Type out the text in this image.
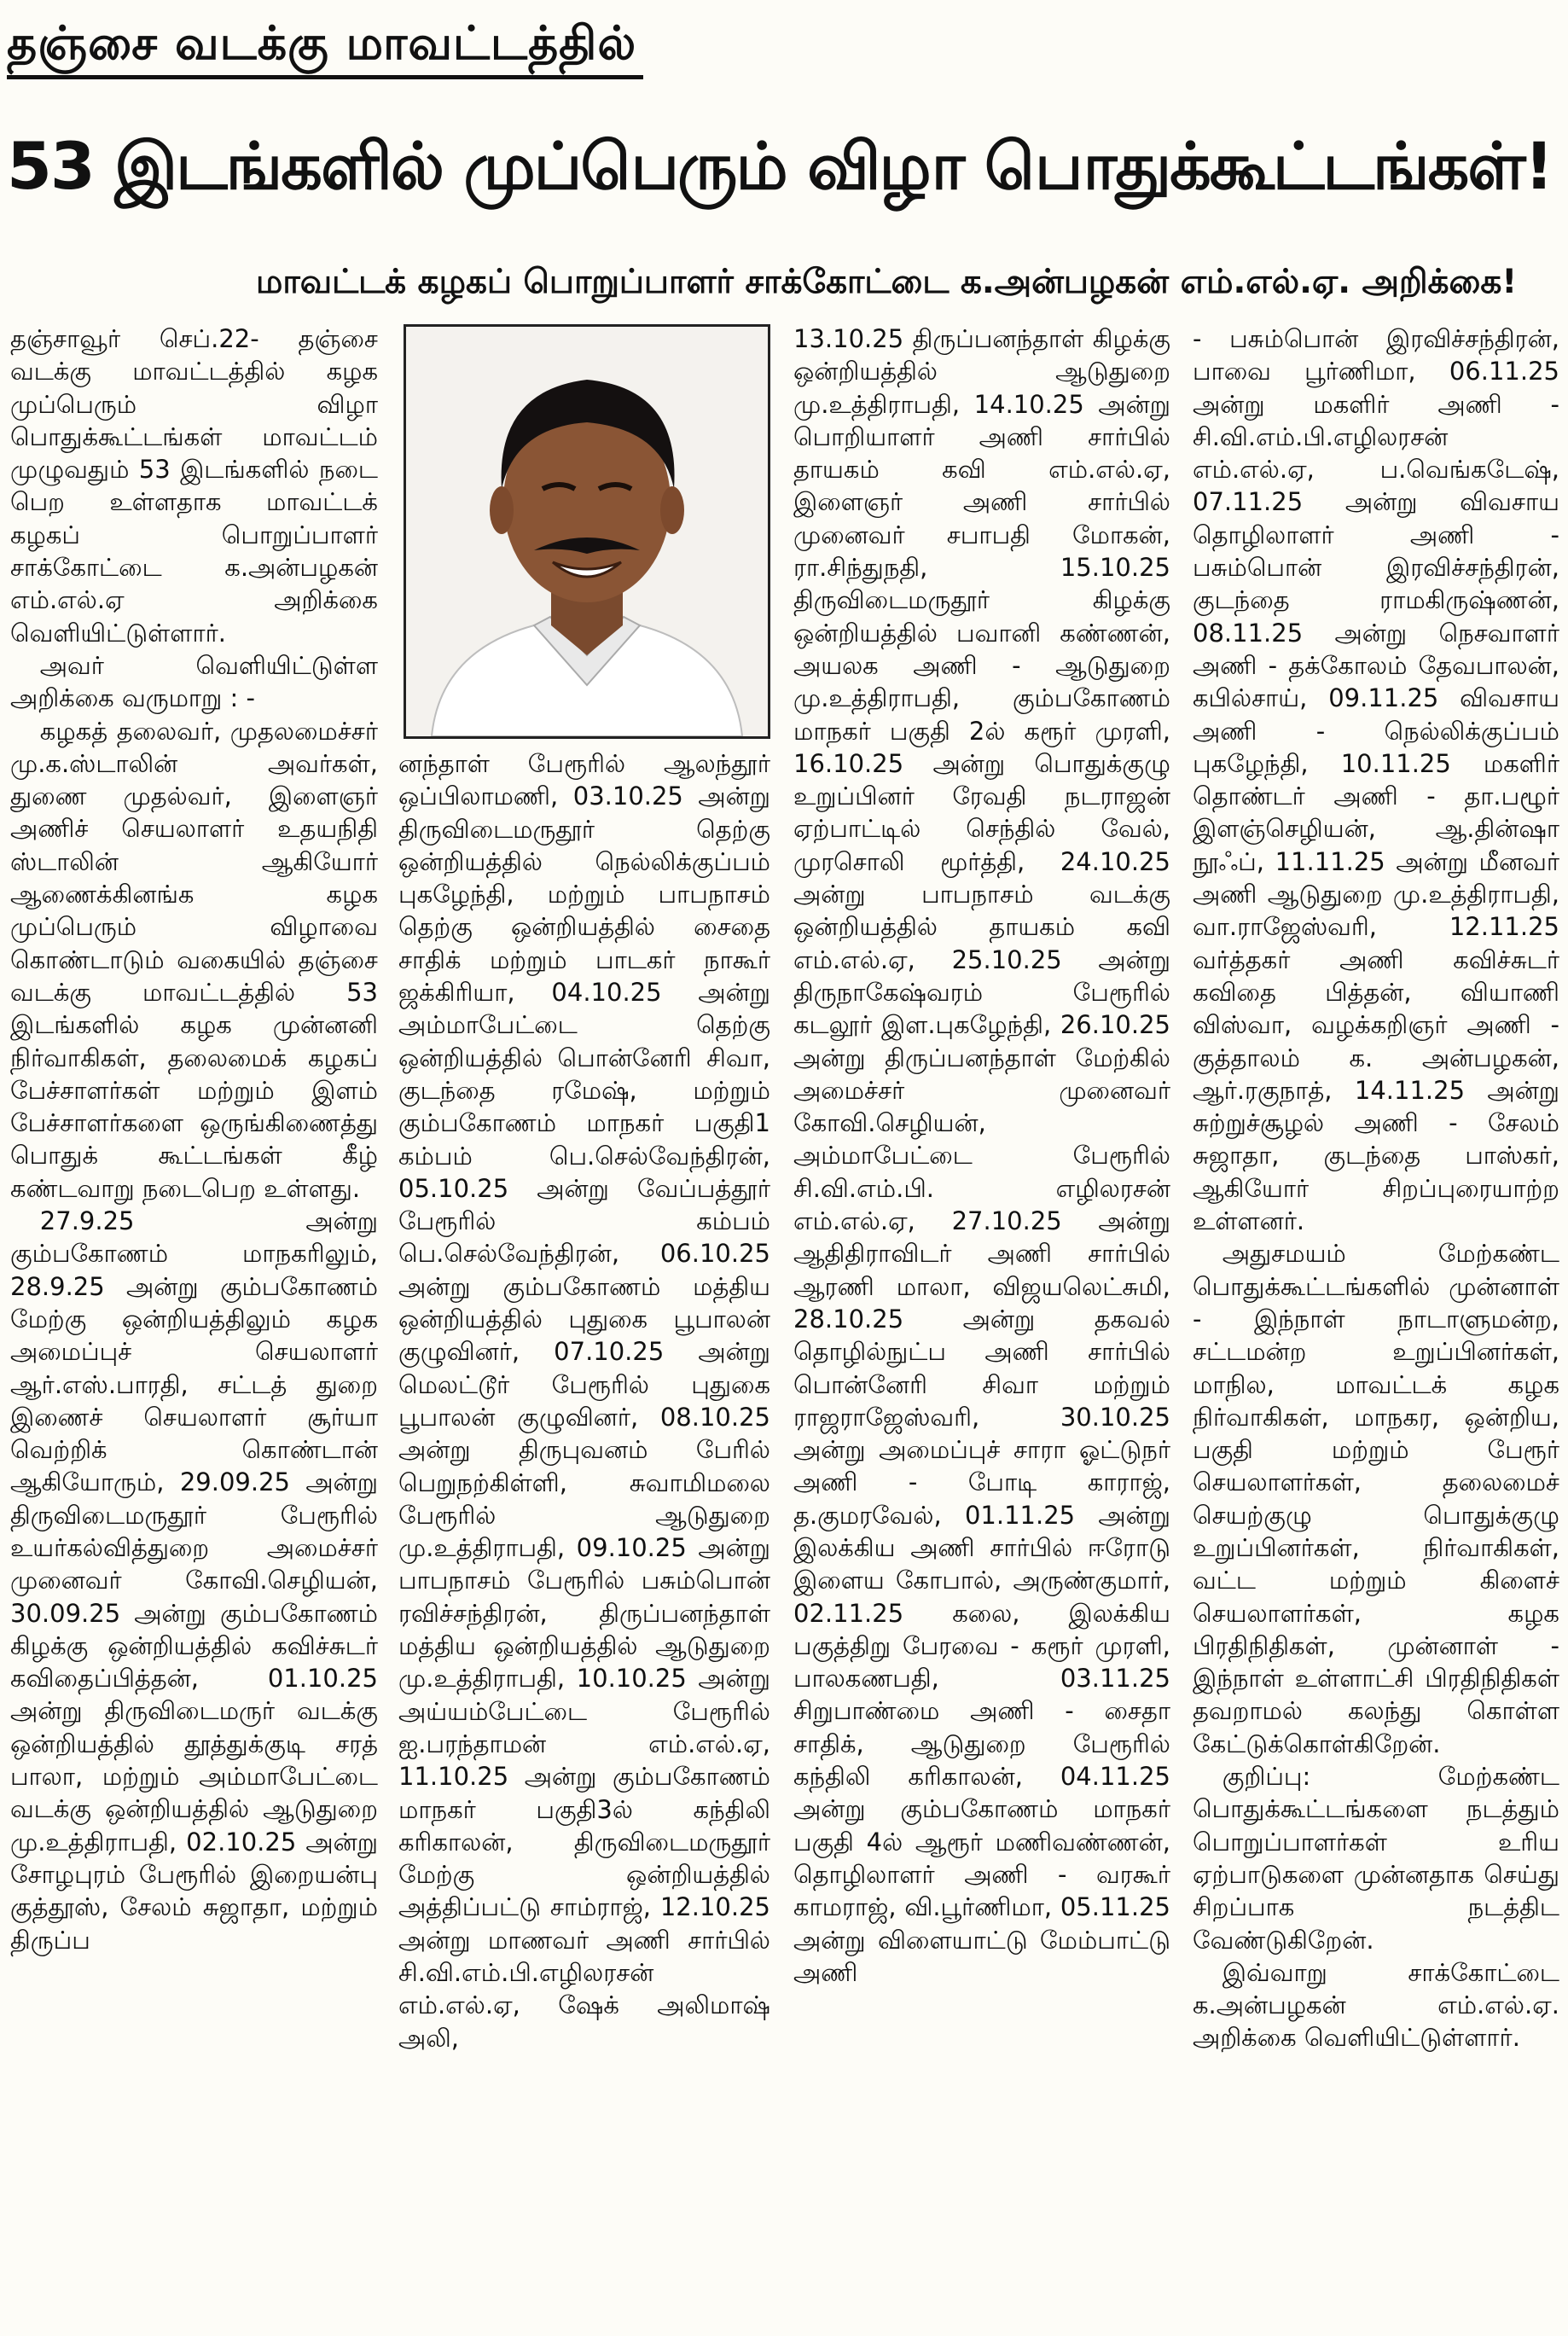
தஞ்சை வடக்கு மாவட்டத்தில்
53 இடங்களில் முப்பெரும் விழா பொதுக்கூட்டங்கள்!
மாவட்டக் கழகப் பொறுப்பாளர் சாக்கோட்டை க.அன்பழகன் எம்.எல்.ஏ. அறிக்கை!

தஞ்சாவூர் செப்.22- தஞ்சை வடக்கு மாவட்டத்தில் கழக முப்பெரும் விழா பொதுக்கூட்டங்கள் மாவட்டம் முழுவதும் 53 இடங்களில் நடை பெற உள்ளதாக மாவட்டக் கழகப் பொறுப்பாளர் சாக்கோட்டை க.அன்பழகன் எம்.எல்.ஏ அறிக்கை வெளியிட்டுள்ளார்.

அவர் வெளியிட்டுள்ள அறிக்கை வருமாறு : -

கழகத் தலைவர், முதலமைச்சர் மு.க.ஸ்டாலின் அவர்கள், துணை முதல்வர், இளைஞர் அணிச் செயலாளர் உதயநிதி ஸ்டாலின் ஆகியோர் ஆணைக்கினங்க கழக முப்பெரும் விழாவை கொண்டாடும் வகையில் தஞ்சை வடக்கு மாவட்டத்தில் 53 இடங்களில் கழக முன்னனி நிர்வாகிகள், தலைமைக் கழகப் பேச்சாளர்கள் மற்றும் இளம் பேச்சாளர்களை ஒருங்கிணைத்து பொதுக் கூட்டங்கள் கீழ் கண்டவாறு நடைபெற உள்ளது.

27.9.25 அன்று கும்பகோணம் மாநகரிலும், 28.9.25 அன்று கும்பகோணம் மேற்கு ஒன்றியத்திலும் கழக அமைப்புச் செயலாளர் ஆர்.எஸ்.பாரதி, சட்டத் துறை இணைச் செயலாளர் சூர்யா வெற்றிக் கொண்டான் ஆகியோரும், 29.09.25 அன்று திருவிடைமருதூர் பேரூரில் உயர்கல்வித்துறை அமைச்சர் முனைவர் கோவி.செழியன், 30.09.25 அன்று கும்பகோணம் கிழக்கு ஒன்றியத்தில் கவிச்சுடர் கவிதைப்பித்தன், 01.10.25 அன்று திருவிடைமருர் வடக்கு ஒன்றியத்தில் தூத்துக்குடி சரத் பாலா, மற்றும் அம்மாபேட்டை வடக்கு ஒன்றியத்தில் ஆடுதுறை மு.உத்திராபதி, 02.10.25 அன்று சோழபுரம் பேரூரில் இறையன்பு குத்தூஸ், சேலம் சுஜாதா, மற்றும் திருப்ப

னந்தாள் பேரூரில் ஆலந்தூர் ஒப்பிலாமணி, 03.10.25 அன்று திருவிடைமருதூர் தெற்கு ஒன்றியத்தில் நெல்லிக்குப்பம் புகழேந்தி, மற்றும் பாபநாசம் தெற்கு ஒன்றியத்தில் சைதை சாதிக் மற்றும் பாடகர் நாகூர் ஜக்கிரியா, 04.10.25 அன்று அம்மாபேட்டை தெற்கு ஒன்றியத்தில் பொன்னேரி சிவா, குடந்தை ரமேஷ், மற்றும் கும்பகோணம் மாநகர் பகுதி1 கம்பம் பெ.செல்வேந்திரன், 05.10.25 அன்று வேப்பத்தூர் பேரூரில் கம்பம் பெ.செல்வேந்திரன், 06.10.25 அன்று கும்பகோணம் மத்திய ஒன்றியத்தில் புதுகை பூபாலன் குழுவினர், 07.10.25 அன்று மெலட்டூர் பேரூரில் புதுகை பூபாலன் குழுவினர், 08.10.25 அன்று திருபுவனம் பேரில் பெறுநற்கிள்ளி, சுவாமிமலை பேரூரில் ஆடுதுறை மு.உத்திராபதி, 09.10.25 அன்று பாபநாசம் பேரூரில் பசும்பொன் ரவிச்சந்திரன், திருப்பனந்தாள் மத்திய ஒன்றியத்தில் ஆடுதுறை மு.உத்திராபதி, 10.10.25 அன்று அய்யம்பேட்டை பேரூரில் ஐ.பரந்தாமன் எம்.எல்.ஏ, 11.10.25 அன்று கும்பகோணம் மாநகர் பகுதி3ல் கந்திலி கரிகாலன், திருவிடைமருதூர் மேற்கு ஒன்றியத்தில் அத்திப்பட்டு சாம்ராஜ், 12.10.25 அன்று மாணவர் அணி சார்பில் சி.வி.எம்.பி.எழிலரசன் எம்.எல்.ஏ, ஷேக் அலிமாஷ் அலி,

13.10.25 திருப்பனந்தாள் கிழக்கு ஒன்றியத்தில் ஆடுதுறை மு.உத்திராபதி, 14.10.25 அன்று பொறியாளர் அணி சார்பில் தாயகம் கவி எம்.எல்.ஏ, இளைஞர் அணி சார்பில் முனைவர் சபாபதி மோகன், ரா.சிந்துநதி, 15.10.25 திருவிடைமருதூர் கிழக்கு ஒன்றியத்தில் பவானி கண்ணன், அயலக அணி - ஆடுதுறை மு.உத்திராபதி, கும்பகோணம் மாநகர் பகுதி 2ல் கரூர் முரளி, 16.10.25 அன்று பொதுக்குழு உறுப்பினர் ரேவதி நடராஜன் ஏற்பாட்டில் செந்தில் வேல், முரசொலி மூர்த்தி, 24.10.25 அன்று பாபநாசம் வடக்கு ஒன்றியத்தில் தாயகம் கவி எம்.எல்.ஏ, 25.10.25 அன்று திருநாகேஷ்வரம் பேரூரில் கடலூர் இள.புகழேந்தி, 26.10.25 அன்று திருப்பனந்தாள் மேற்கில் அமைச்சர் முனைவர் கோவி.செழியன், அம்மாபேட்டை பேரூரில் சி.வி.எம்.பி. எழிலரசன் எம்.எல்.ஏ, 27.10.25 அன்று ஆதிதிராவிடர் அணி சார்பில் ஆரணி மாலா, விஜயலெட்சுமி, 28.10.25 அன்று தகவல் தொழில்நுட்ப அணி சார்பில் பொன்னேரி சிவா மற்றும் ராஜராஜேஸ்வரி, 30.10.25 அன்று அமைப்புச் சாரா ஓட்டுநர் அணி - போடி காராஜ், த.குமரவேல், 01.11.25 அன்று இலக்கிய அணி சார்பில் ஈரோடு இளைய கோபால், அருண்குமார், 02.11.25 கலை, இலக்கிய பகுத்திறு பேரவை - கரூர் முரளி, பாலகணபதி, 03.11.25 சிறுபாண்மை அணி - சைதா சாதிக், ஆடுதுறை பேரூரில் கந்திலி கரிகாலன், 04.11.25 அன்று கும்பகோணம் மாநகர் பகுதி 4ல் ஆரூர் மணிவண்ணன், தொழிலாளர் அணி - வரகூர் காமராஜ், வி.பூர்ணிமா, 05.11.25 அன்று விளையாட்டு மேம்பாட்டு அணி

- பசும்பொன் இரவிச்சந்திரன், பாவை பூர்ணிமா, 06.11.25 அன்று மகளிர் அணி - சி.வி.எம்.பி.எழிலரசன் எம்.எல்.ஏ, ப.வெங்கடேஷ், 07.11.25 அன்று விவசாய தொழிலாளர் அணி - பசும்பொன் இரவிச்சந்திரன், குடந்தை ராமகிருஷ்ணன், 08.11.25 அன்று நெசவாளர் அணி - தக்கோலம் தேவபாலன், கபில்சாய், 09.11.25 விவசாய அணி - நெல்லிக்குப்பம் புகழேந்தி, 10.11.25 மகளிர் தொண்டர் அணி - தா.பழூர் இளஞ்செழியன், ஆ.தின்ஷா நூஃப், 11.11.25 அன்று மீனவர் அணி ஆடுதுறை மு.உத்திராபதி, வா.ராஜேஸ்வரி, 12.11.25 வர்த்தகர் அணி கவிச்சுடர் கவிதை பித்தன், வியாணி விஸ்வா, வழக்கறிஞர் அணி - குத்தாலம் க. அன்பழகன், ஆர்.ரகுநாத், 14.11.25 அன்று சுற்றுச்சூழல் அணி - சேலம் சுஜாதா, குடந்தை பாஸ்கர், ஆகியோர் சிறப்புரையாற்ற உள்ளனர்.

அதுசமயம் மேற்கண்ட பொதுக்கூட்டங்களில் முன்னாள் - இந்நாள் நாடாளுமன்ற, சட்டமன்ற உறுப்பினர்கள், மாநில, மாவட்டக் கழக நிர்வாகிகள், மாநகர, ஒன்றிய, பகுதி மற்றும் பேரூர் செயலாளர்கள், தலைமைச் செயற்குழு பொதுக்குழு உறுப்பினர்கள், நிர்வாகிகள், வட்ட மற்றும் கிளைச் செயலாளர்கள், கழக பிரதிநிதிகள், முன்னாள் - இந்நாள் உள்ளாட்சி பிரதிநிதிகள் தவறாமல் கலந்து கொள்ள கேட்டுக்கொள்கிறேன்.

குறிப்பு: மேற்கண்ட பொதுக்கூட்டங்களை நடத்தும் பொறுப்பாளர்கள் உரிய ஏற்பாடுகளை முன்னதாக செய்து சிறப்பாக நடத்திட வேண்டுகிறேன்.

இவ்வாறு சாக்கோட்டை க.அன்பழகன் எம்.எல்.ஏ. அறிக்கை வெளியிட்டுள்ளார்.
